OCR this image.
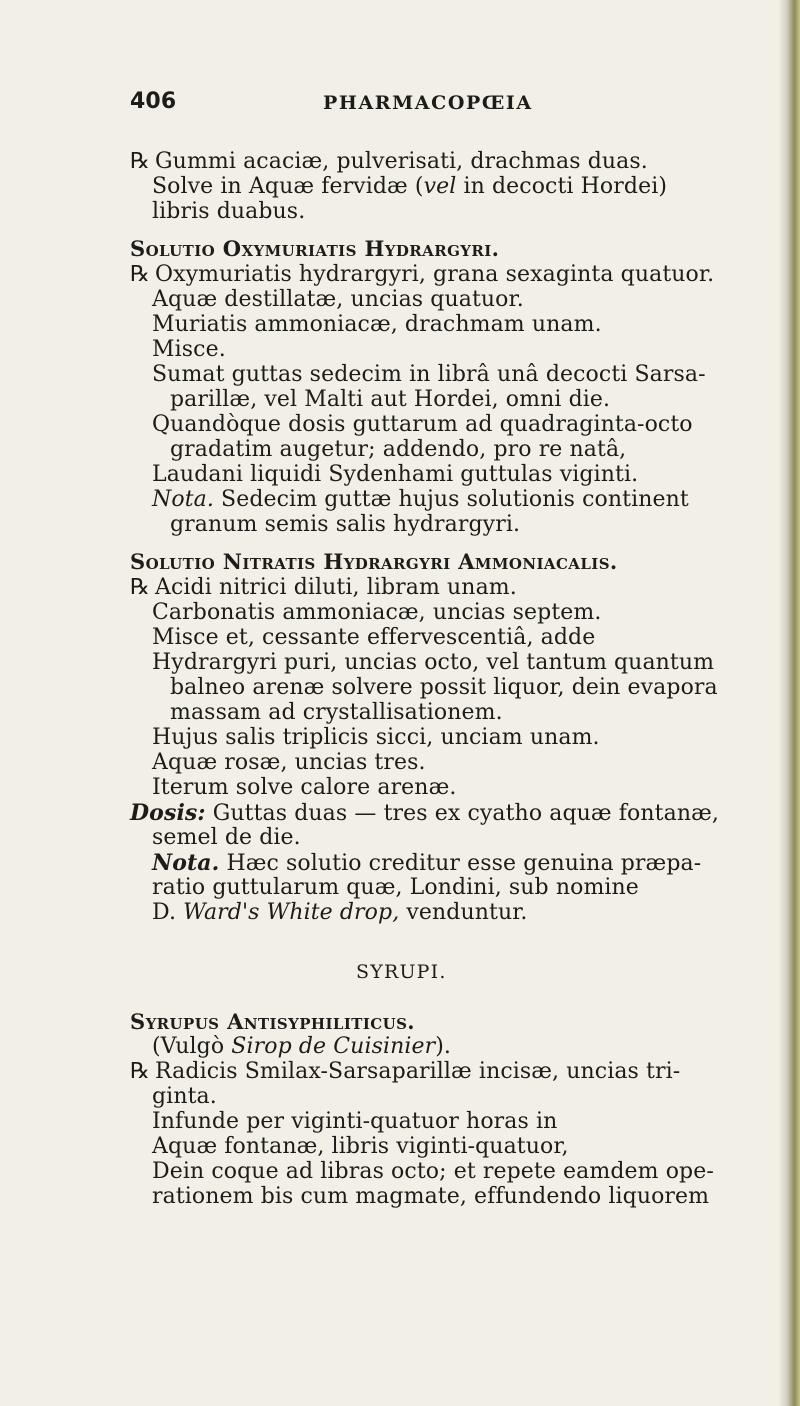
406	PHARMACOPŒIA
℞ Gummi acaciæ, pulverisati, drachmas duas.
Solve in Aquæ fervidæ (vel in decocti Hordei)
libris duabus.
Solutio Oxymuriatis Hydrargyri.
℞ Oxymuriatis hydrargyri, grana sexaginta quatuor.
Aquæ destillatæ, uncias quatuor.
Muriatis ammoniacæ, drachmam unam.
Misce.
Sumat guttas sedecim in librâ unâ decocti Sarsa-
parillæ, vel Malti aut Hordei, omni die.
Quandòque dosis guttarum ad quadraginta-octo
gradatim augetur; addendo, pro re natâ,
Laudani liquidi Sydenhami guttulas viginti.
Nota. Sedecim guttæ hujus solutionis continent
granum semis salis hydrargyri.
Solutio Nitratis Hydrargyri Ammoniacalis.
℞ Acidi nitrici diluti, libram unam.
Carbonatis ammoniacæ, uncias septem.
Misce et, cessante effervescentiâ, adde
Hydrargyri puri, uncias octo, vel tantum quantum
balneo arenæ solvere possit liquor, dein evapora
massam ad crystallisationem.
Hujus salis triplicis sicci, unciam unam.
Aquæ rosæ, uncias tres.
Iterum solve calore arenæ.
Dosis: Guttas duas — tres ex cyatho aquæ fontanæ,
semel de die.
Nota. Hæc solutio creditur esse genuina præpa-
ratio guttularum quæ, Londini, sub nomine
D. Ward's White drop, venduntur.
SYRUPI.
Syrupus Antisyphiliticus.
(Vulgò Sirop de Cuisinier).
℞ Radicis Smilax-Sarsaparillæ incisæ, uncias tri-
ginta.
Infunde per viginti-quatuor horas in
Aquæ fontanæ, libris viginti-quatuor,
Dein coque ad libras octo; et repete eamdem ope-
rationem bis cum magmate, effundendo liquorem
